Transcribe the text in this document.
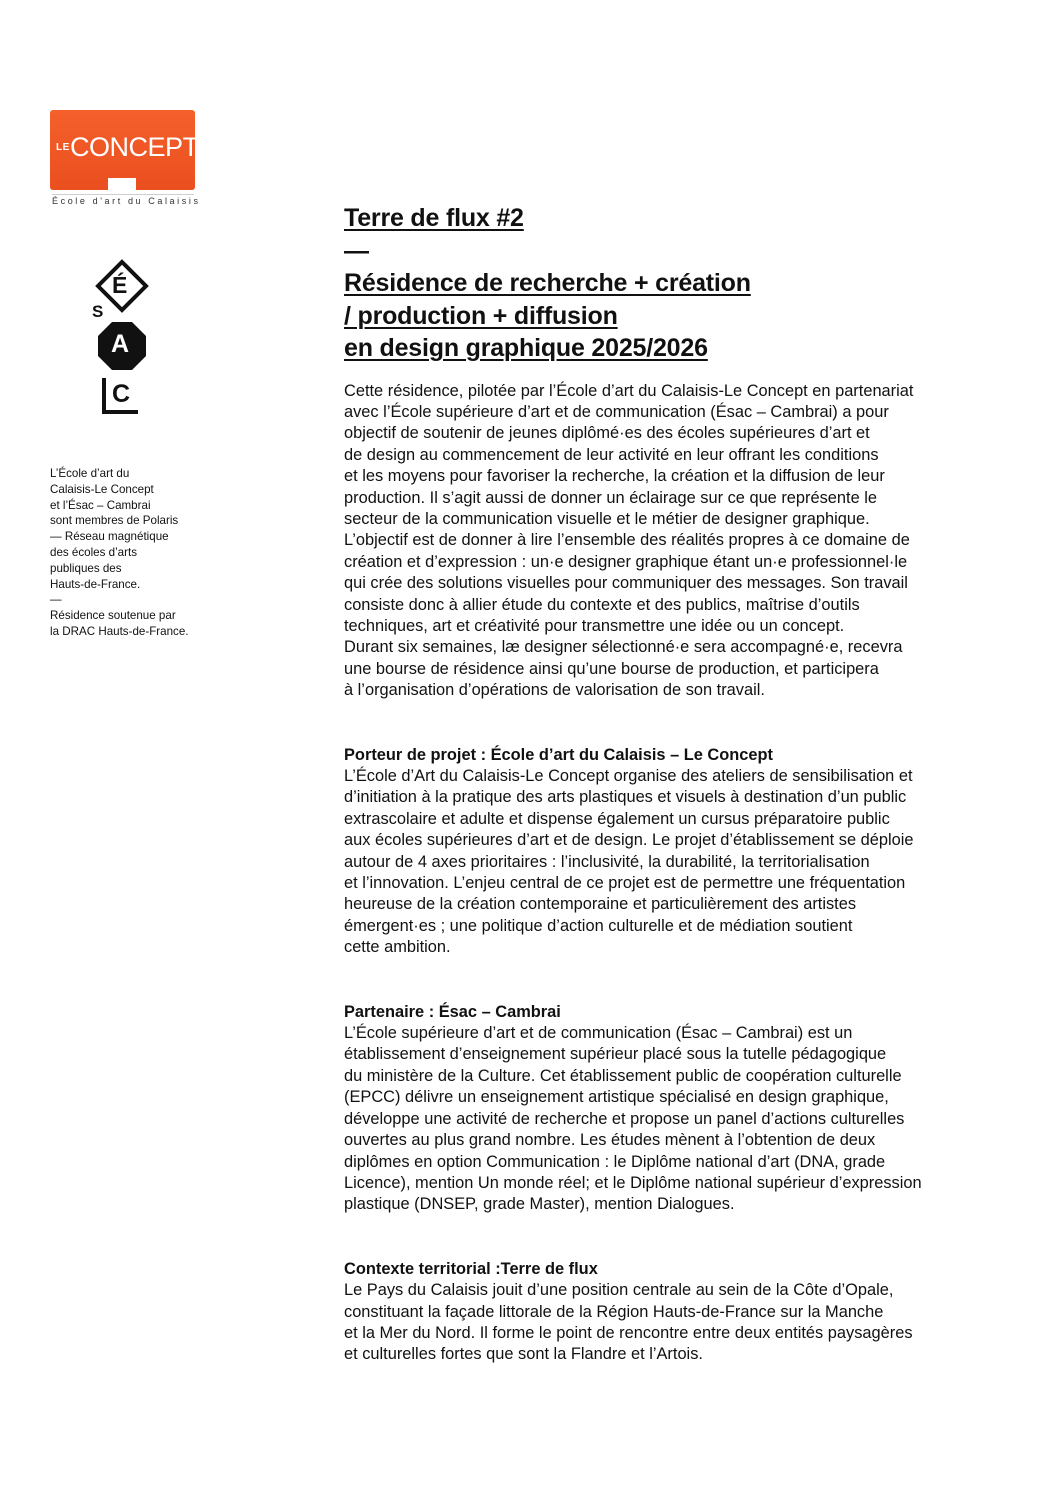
LE CONCEPT
École d'art du Calaisis
É
S
A
C
L’École d’art du
Calaisis-Le Concept
et l’Ésac – Cambrai
sont membres de Polaris
— Réseau magnétique
des écoles d’arts
publiques des
Hauts-de-France.
—
Résidence soutenue par
la DRAC Hauts-de-France.
Terre de flux #2
—
Résidence de recherche + création
/ production + diffusion
en design graphique 2025/2026
Cette résidence, pilotée par l’École d’art du Calaisis-Le Concept en partenariat
avec l’École supérieure d’art et de communication (Ésac – Cambrai) a pour
objectif de soutenir de jeunes diplômé·es des écoles supérieures d’art et
de design au commencement de leur activité en leur offrant les conditions
et les moyens pour favoriser la recherche, la création et la diffusion de leur
production. Il s’agit aussi de donner un éclairage sur ce que représente le
secteur de la communication visuelle et le métier de designer graphique.
L’objectif est de donner à lire l’ensemble des réalités propres à ce domaine de
création et d’expression : un·e designer graphique étant un·e professionnel·le
qui crée des solutions visuelles pour communiquer des messages. Son travail
consiste donc à allier étude du contexte et des publics, maîtrise d’outils
techniques, art et créativité pour transmettre une idée ou un concept.
Durant six semaines, læ designer sélectionné·e sera accompagné·e, recevra
une bourse de résidence ainsi qu’une bourse de production, et participera
à l’organisation d’opérations de valorisation de son travail.
Porteur de projet : École d’art du Calaisis – Le Concept
L’École d’Art du Calaisis-Le Concept organise des ateliers de sensibilisation et
d’initiation à la pratique des arts plastiques et visuels à destination d’un public
extrascolaire et adulte et dispense également un cursus préparatoire public
aux écoles supérieures d’art et de design. Le projet d’établissement se déploie
autour de 4 axes prioritaires : l’inclusivité, la durabilité, la territorialisation
et l’innovation. L’enjeu central de ce projet est de permettre une fréquentation
heureuse de la création contemporaine et particulièrement des artistes
émergent·es ; une politique d’action culturelle et de médiation soutient
cette ambition.
Partenaire : Ésac – Cambrai
L’École supérieure d’art et de communication (Ésac – Cambrai) est un
établissement d’enseignement supérieur placé sous la tutelle pédagogique
du ministère de la Culture. Cet établissement public de coopération culturelle
(EPCC) délivre un enseignement artistique spécialisé en design graphique,
développe une activité de recherche et propose un panel d’actions culturelles
ouvertes au plus grand nombre. Les études mènent à l’obtention de deux
diplômes en option Communication : le Diplôme national d’art (DNA, grade
Licence), mention Un monde réel; et le Diplôme national supérieur d’expression
plastique (DNSEP, grade Master), mention Dialogues.
Contexte territorial :Terre de flux
Le Pays du Calaisis jouit d’une position centrale au sein de la Côte d’Opale,
constituant la façade littorale de la Région Hauts-de-France sur la Manche
et la Mer du Nord. Il forme le point de rencontre entre deux entités paysagères
et culturelles fortes que sont la Flandre et l’Artois.
